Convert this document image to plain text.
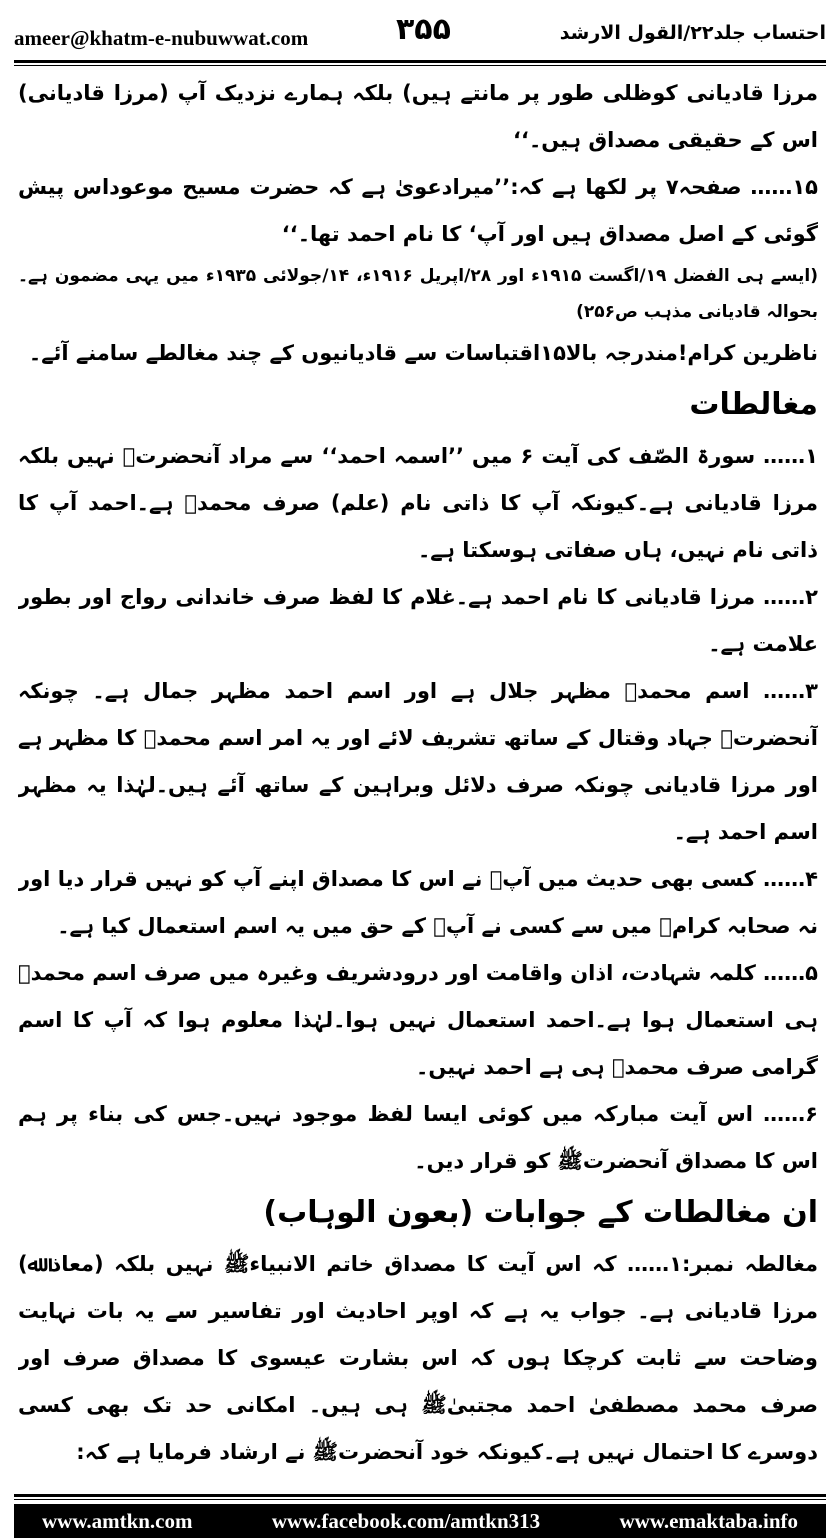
ameer@khatm-e-nubuwwat.com	۳۵۵	احتساب جلد۲۲/القول الارشد

مرزا قادیانی کوظلی طور پر مانتے ہیں) بلکہ ہمارے نزدیک آپ (مرزا قادیانی) اس کے حقیقی مصداق ہیں۔‘‘

۱۵…… صفحہ۷ پر لکھا ہے کہ:’’میرادعویٰ ہے کہ حضرت مسیح موعوداس پیش گوئی کے اصل مصداق ہیں اور آپ‘ کا نام احمد تھا۔‘‘

(ایسے ہی الفضل ۱۹/اگست ۱۹۱۵ء اور ۲۸/اپریل ۱۹۱۶ء، ۱۴/جولائی ۱۹۳۵ء میں یہی مضمون ہے۔بحوالہ قادیانی مذہب ص۲۵۶)

ناظرین کرام!مندرجہ بالا۱۵اقتباسات سے قادیانیوں کے چند مغالطے سامنے آئے۔

مغالطات

۱…… سورۃ الصّف کی آیت ۶ میں ’’اسمہ احمد‘‘ سے مراد آنحضرتﷺ نہیں بلکہ مرزا قادیانی ہے۔کیونکہ آپ کا ذاتی نام (علم) صرف محمدؐ ہے۔احمد آپ کا ذاتی نام نہیں، ہاں صفاتی ہوسکتا ہے۔

۲…… مرزا قادیانی کا نام احمد ہے۔غلام کا لفظ صرف خاندانی رواج اور بطور علامت ہے۔

۳…… اسم محمدؐ مظہر جلال ہے اور اسم احمد مظہر جمال ہے۔ چونکہ آنحضرتﷺ جہاد وقتال کے ساتھ تشریف لائے اور یہ امر اسم محمدؐ کا مظہر ہے اور مرزا قادیانی چونکہ صرف دلائل وبراہین کے ساتھ آئے ہیں۔لہٰذا یہ مظہر اسم احمد ہے۔

۴…… کسی بھی حدیث میں آپؐ نے اس کا مصداق اپنے آپ کو نہیں قرار دیا اور نہ صحابہ کرامؓ میں سے کسی نے آپؐ کے حق میں یہ اسم استعمال کیا ہے۔

۵…… کلمہ شہادت، اذان واقامت اور درودشریف وغیرہ میں صرف اسم محمدؐ ہی استعمال ہوا ہے۔احمد استعمال نہیں ہوا۔لہٰذا معلوم ہوا کہ آپ کا اسم گرامی صرف محمدؐ ہی ہے احمد نہیں۔

۶…… اس آیت مبارکہ میں کوئی ایسا لفظ موجود نہیں۔جس کی بناء پر ہم اس کا مصداق آنحضرتﷺ کو قرار دیں۔

ان مغالطات کے جوابات (بعون الوہاب)

مغالطہ نمبر:۱…… کہ اس آیت کا مصداق خاتم الانبیاءﷺ نہیں بلکہ (معاذ ﷲ) مرزا قادیانی ہے۔ جواب یہ ہے کہ اوپر احادیث اور تفاسیر سے یہ بات نہایت وضاحت سے ثابت کرچکا ہوں کہ اس بشارت عیسوی کا مصداق صرف اور صرف محمد مصطفیٰ احمد مجتبیٰﷺ ہی ہیں۔ امکانی حد تک بھی کسی دوسرے کا احتمال نہیں ہے۔کیونکہ خود آنحضرتﷺ نے ارشاد فرمایا ہے کہ:

www.amtkn.com	www.facebook.com/amtkn313	www.emaktaba.info
